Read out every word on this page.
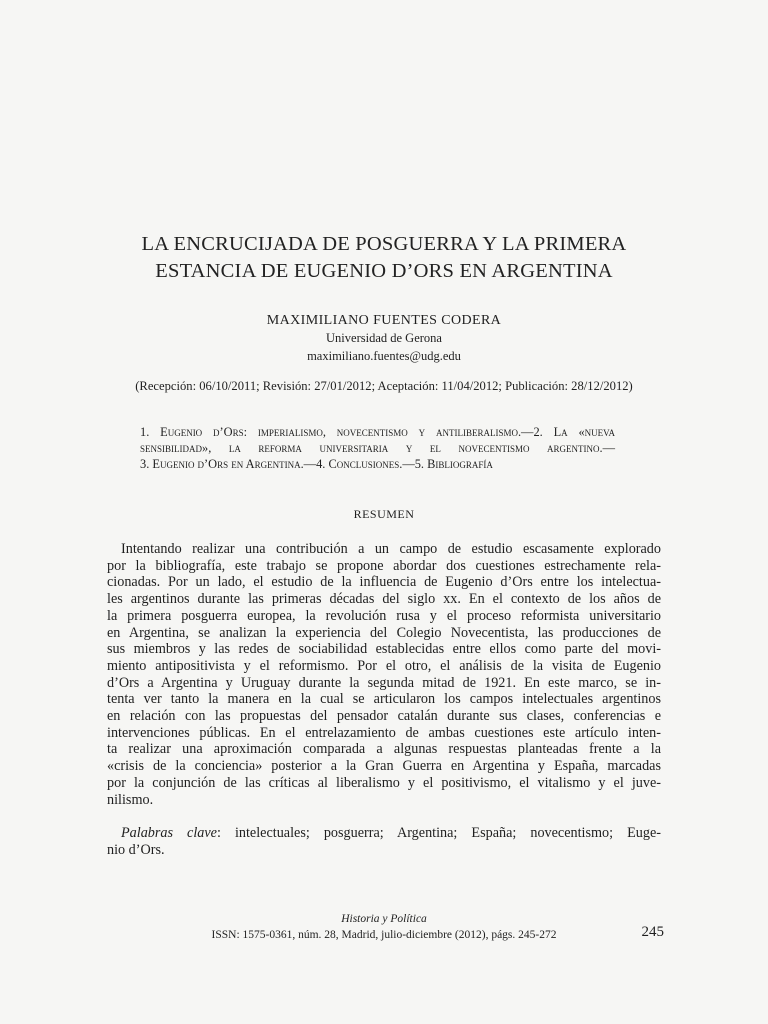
LA ENCRUCIJADA DE POSGUERRA Y LA PRIMERA
ESTANCIA DE EUGENIO D’ORS EN ARGENTINA
MAXIMILIANO FUENTES CODERA
Universidad de Gerona
maximiliano.fuentes@udg.edu
(Recepción: 06/10/2011; Revisión: 27/01/2012; Aceptación: 11/04/2012; Publicación: 28/12/2012)
1. Eugenio d’Ors: imperialismo, novecentismo y antiliberalismo.—2. La «nueva
sensibilidad», la reforma universitaria y el novecentismo argentino.—
3. Eugenio d’Ors en Argentina.—4. Conclusiones.—5. Bibliografía
RESUMEN
Intentando realizar una contribución a un campo de estudio escasamente explorado
por la bibliografía, este trabajo se propone abordar dos cuestiones estrechamente rela-
cionadas. Por un lado, el estudio de la influencia de Eugenio d’Ors entre los intelectua-
les argentinos durante las primeras décadas del siglo xx. En el contexto de los años de
la primera posguerra europea, la revolución rusa y el proceso reformista universitario
en Argentina, se analizan la experiencia del Colegio Novecentista, las producciones de
sus miembros y las redes de sociabilidad establecidas entre ellos como parte del movi-
miento antipositivista y el reformismo. Por el otro, el análisis de la visita de Eugenio
d’Ors a Argentina y Uruguay durante la segunda mitad de 1921. En este marco, se in-
tenta ver tanto la manera en la cual se articularon los campos intelectuales argentinos
en relación con las propuestas del pensador catalán durante sus clases, conferencias e
intervenciones públicas. En el entrelazamiento de ambas cuestiones este artículo inten-
ta realizar una aproximación comparada a algunas respuestas planteadas frente a la
«crisis de la conciencia» posterior a la Gran Guerra en Argentina y España, marcadas
por la conjunción de las críticas al liberalismo y el positivismo, el vitalismo y el juve-
nilismo.
Palabras clave: intelectuales; posguerra; Argentina; España; novecentismo; Euge-
nio d’Ors.
Historia y Política
ISSN: 1575-0361, núm. 28, Madrid, julio-diciembre (2012), págs. 245-272	245
